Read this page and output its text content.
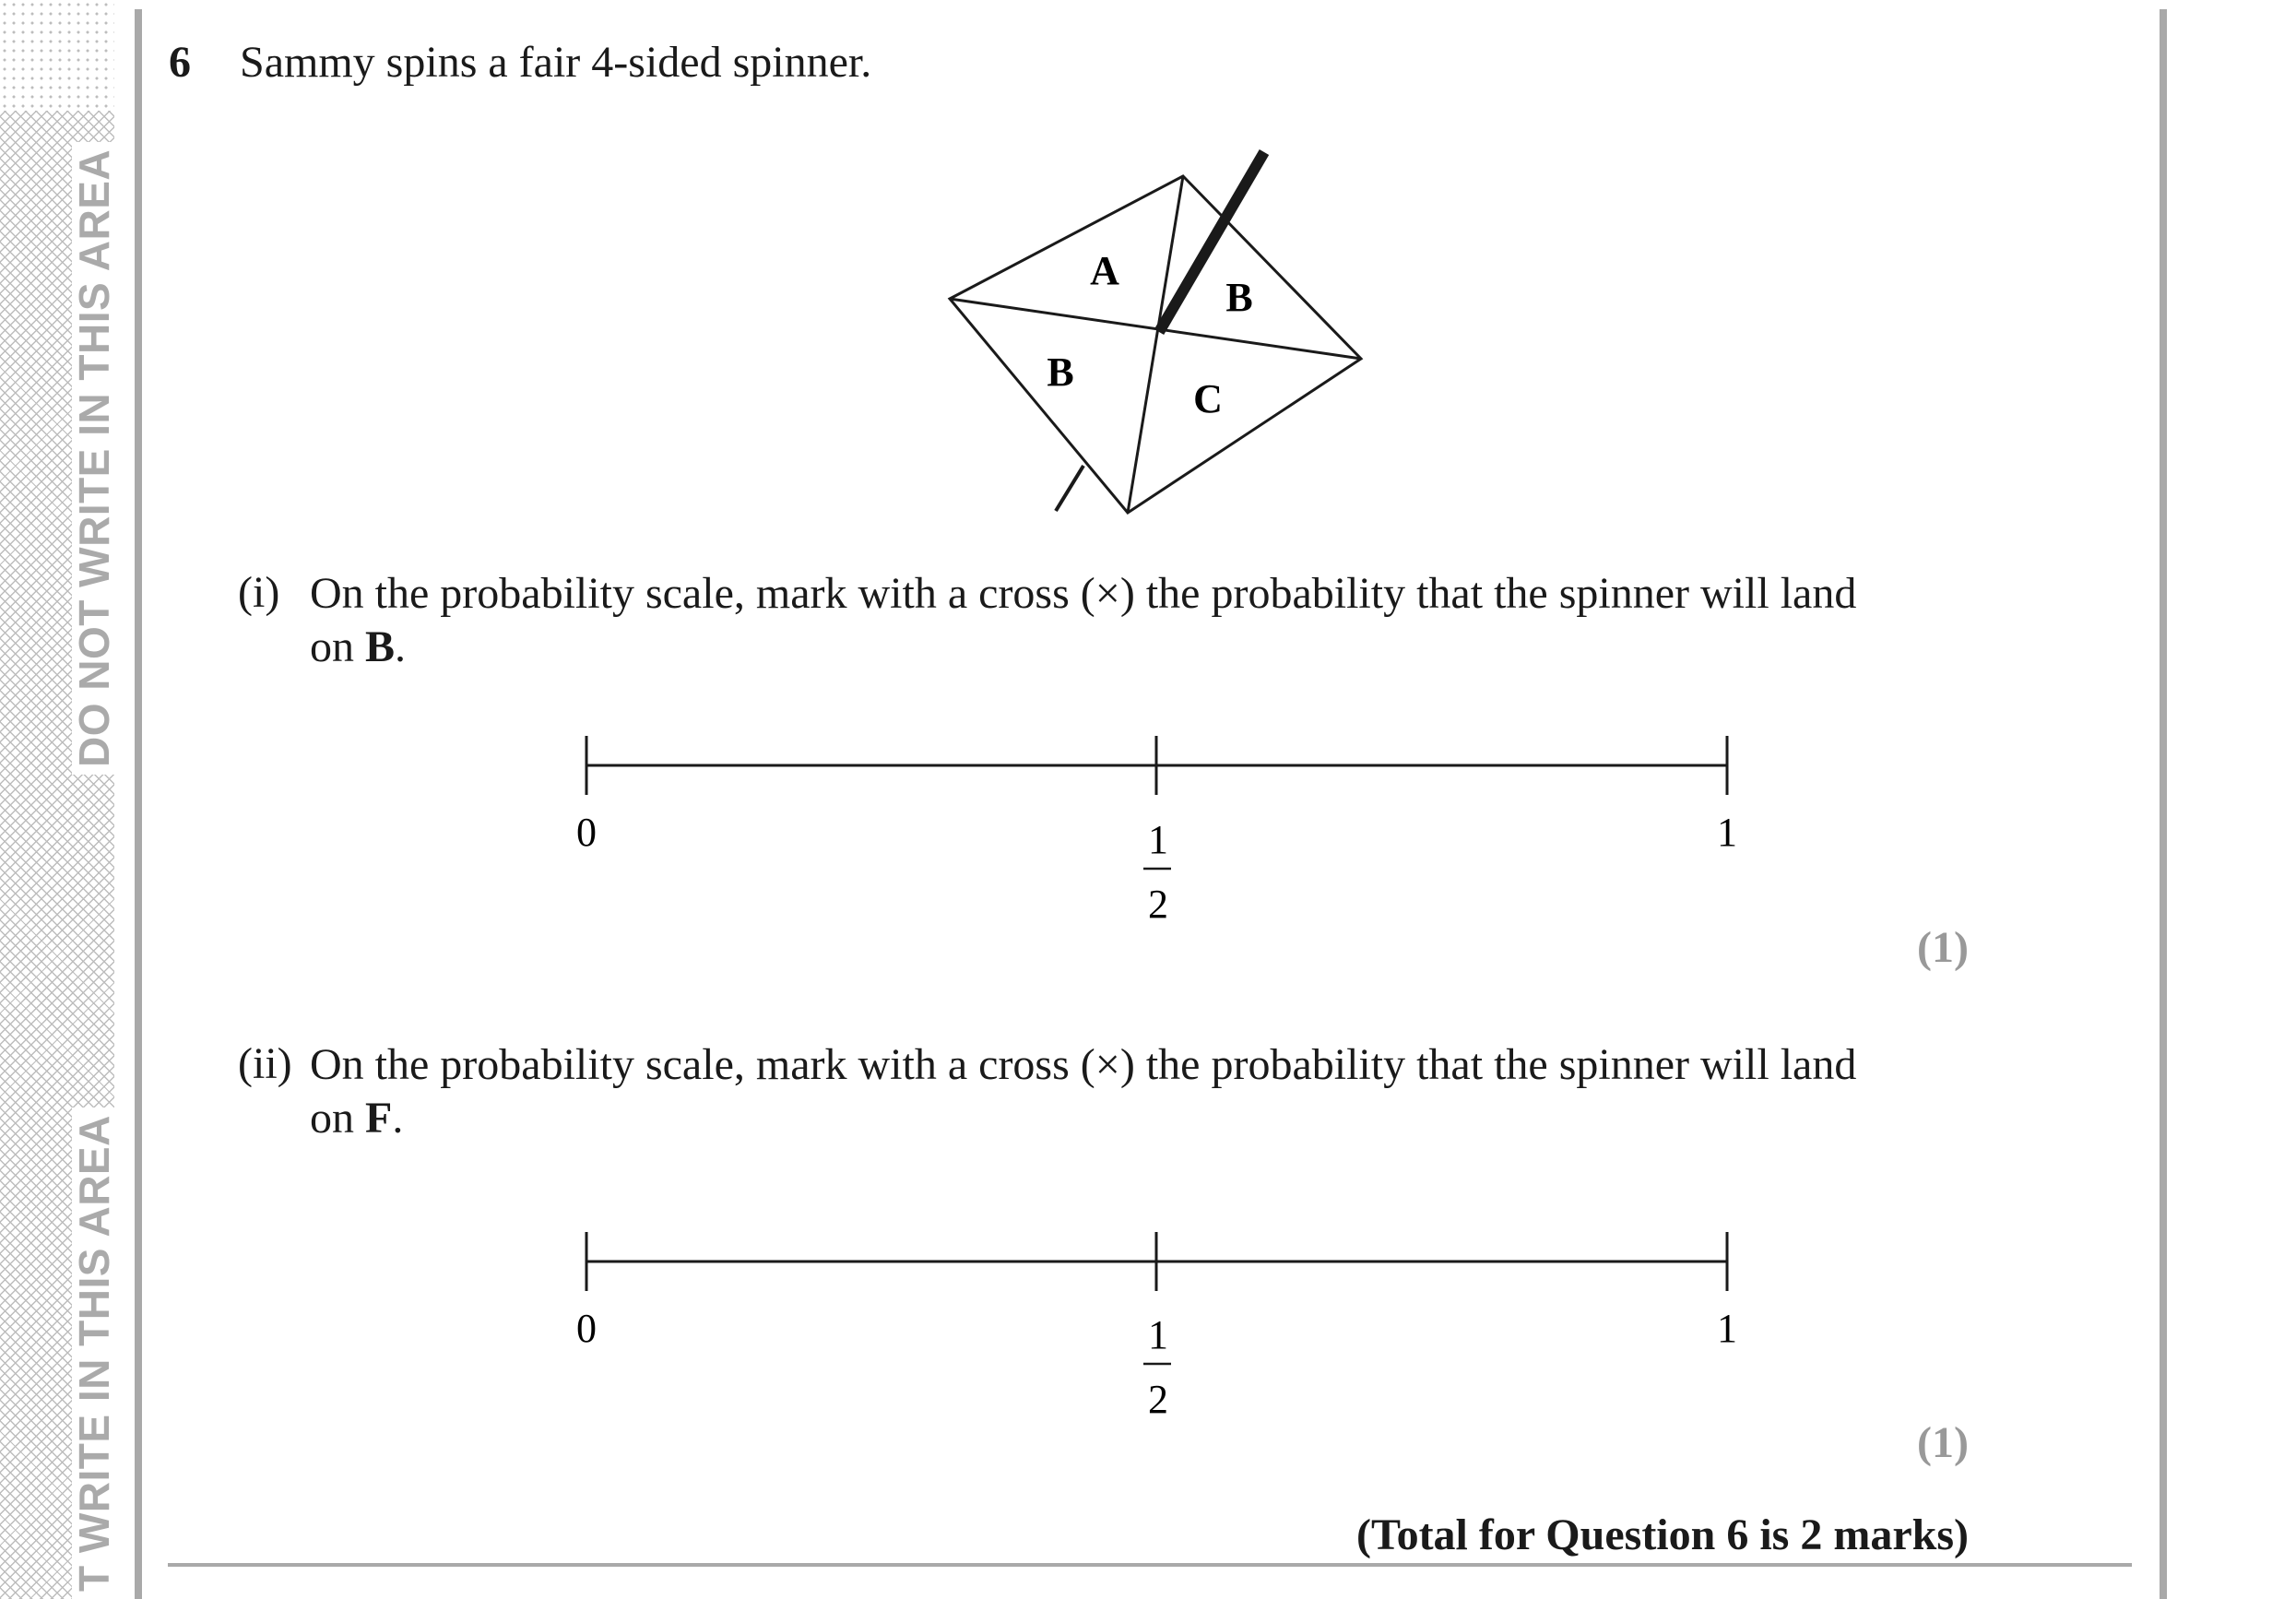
DO NOT WRITE IN THIS AREA
T WRITE IN THIS AREA
6 Sammy spins a fair 4-sided spinner.
A
B
B
C
(i) On the probability scale, mark with a cross (×) the probability that the spinner will land on B.
0	1
2
1
(1)
(ii) On the probability scale, mark with a cross (×) the probability that the spinner will land on F.
0	1
2
1
(1)
(Total for Question 6 is 2 marks)
